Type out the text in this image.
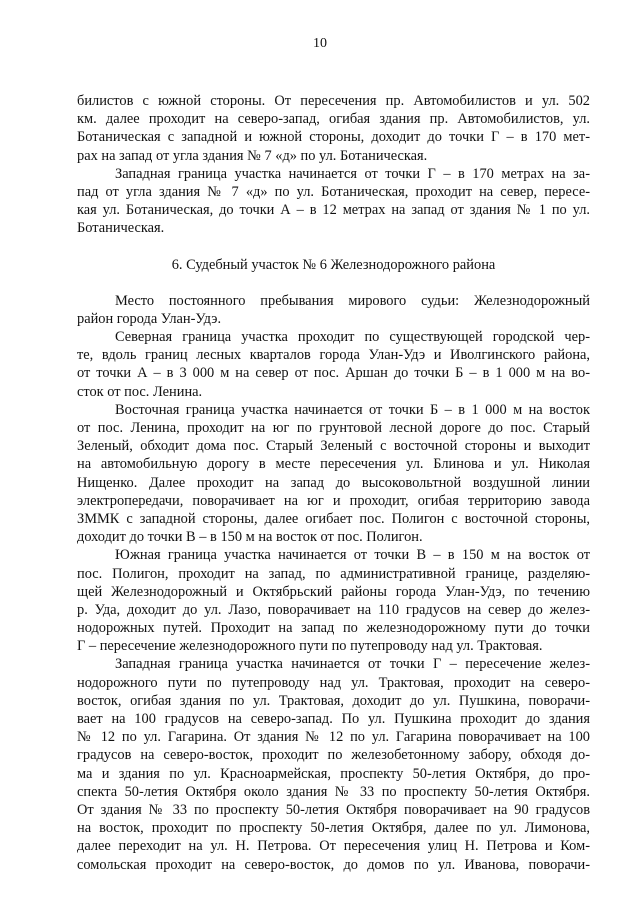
10
билистов с южной стороны. От пересечения пр. Автомобилистов и ул. 502
км. далее проходит на северо-запад, огибая здания пр. Автомобилистов, ул.
Ботаническая с западной и южной стороны, доходит до точки Г – в 170 мет-
рах на запад от угла здания № 7 «д» по ул. Ботаническая.
Западная граница участка начинается от точки Г – в 170 метрах на за-
пад от угла здания № 7 «д» по ул. Ботаническая, проходит на север, пересе-
кая ул. Ботаническая, до точки А – в 12 метрах на запад от здания № 1 по ул.
Ботаническая.
6. Судебный участок № 6 Железнодорожного района
Место постоянного пребывания мирового судьи: Железнодорожный
район города Улан-Удэ.
Северная граница участка проходит по существующей городской чер-
те, вдоль границ лесных кварталов города Улан-Удэ и Иволгинского района,
от точки А – в 3 000 м на север от пос. Аршан до точки Б – в 1 000 м на во-
сток от пос. Ленина.
Восточная граница участка начинается от точки Б – в 1 000 м на восток
от пос. Ленина, проходит на юг по грунтовой лесной дороге до пос. Старый
Зеленый, обходит дома пос. Старый Зеленый с восточной стороны и выходит
на автомобильную дорогу в месте пересечения ул. Блинова и ул. Николая
Нищенко. Далее проходит на запад до высоковольтной воздушной линии
электропередачи, поворачивает на юг и проходит, огибая территорию завода
ЗММК с западной стороны, далее огибает пос. Полигон с восточной стороны,
доходит до точки В – в 150 м на восток от пос. Полигон.
Южная граница участка начинается от точки В – в 150 м на восток от
пос. Полигон, проходит на запад, по административной границе, разделяю-
щей Железнодорожный и Октябрьский районы города Улан-Удэ, по течению
р. Уда, доходит до ул. Лазо, поворачивает на 110 градусов на север до желез-
нодорожных путей. Проходит на запад по железнодорожному пути до точки
Г – пересечение железнодорожного пути по путепроводу над ул. Трактовая.
Западная граница участка начинается от точки Г – пересечение желез-
нодорожного пути по путепроводу над ул. Трактовая, проходит на северо-
восток, огибая здания по ул. Трактовая, доходит до ул. Пушкина, поворачи-
вает на 100 градусов на северо-запад. По ул. Пушкина проходит до здания
№ 12 по ул. Гагарина. От здания № 12 по ул. Гагарина поворачивает на 100
градусов на северо-восток, проходит по железобетонному забору, обходя до-
ма и здания по ул. Красноармейская, проспекту 50-летия Октября, до про-
спекта 50-летия Октября около здания № 33 по проспекту 50-летия Октября.
От здания № 33 по проспекту 50-летия Октября поворачивает на 90 градусов
на восток, проходит по проспекту 50-летия Октября, далее по ул. Лимонова,
далее переходит на ул. Н. Петрова. От пересечения улиц Н. Петрова и Ком-
сомольская проходит на северо-восток, до домов по ул. Иванова, поворачи-
